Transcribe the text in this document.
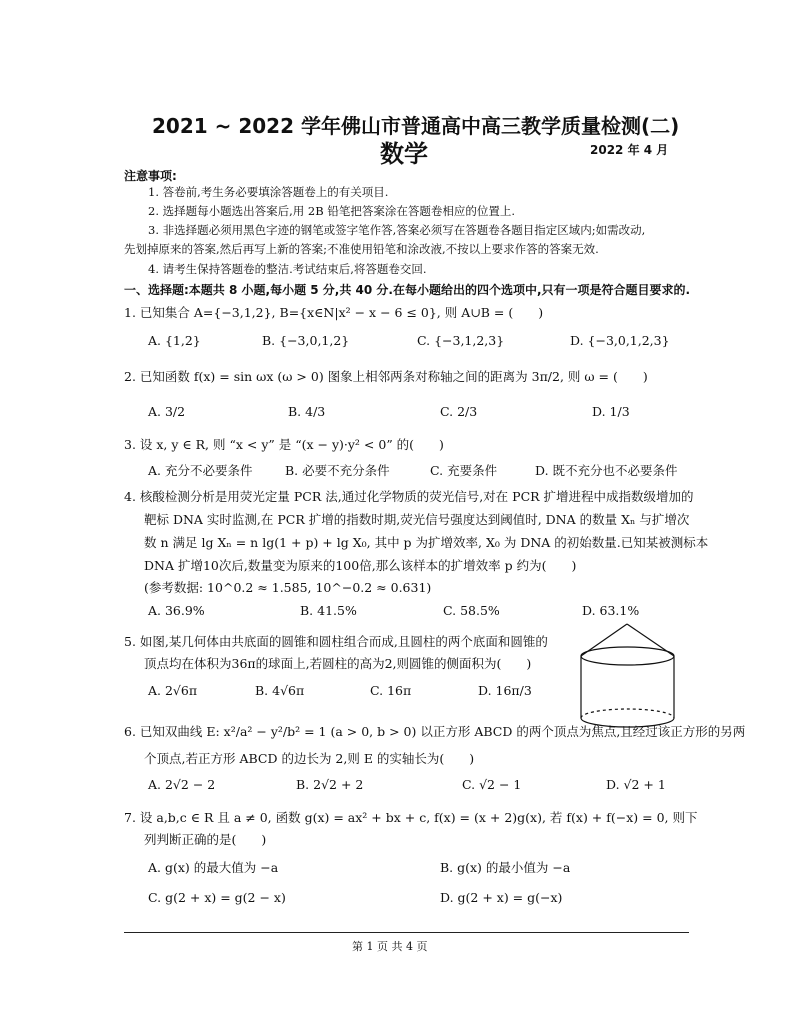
2021 ~ 2022 学年佛山市普通高中高三教学质量检测(二)
数学	2022 年 4 月
注意事项:
1. 答卷前,考生务必要填涂答题卷上的有关项目.
2. 选择题每小题选出答案后,用 2B 铅笔把答案涂在答题卷相应的位置上.
3. 非选择题必须用黑色字迹的钢笔或签字笔作答,答案必须写在答题卷各题目指定区域内;如需改动,
先划掉原来的答案,然后再写上新的答案;不准使用铅笔和涂改液,不按以上要求作答的答案无效.
4. 请考生保持答题卷的整洁.考试结束后,将答题卷交回.
一、选择题:本题共 8 小题,每小题 5 分,共 40 分.在每小题给出的四个选项中,只有一项是符合题目要求的.
1. 已知集合 A={−3,1,2}, B={x∈N|x² − x − 6 ≤ 0}, 则 A∪B = (　　)
A. {1,2}	B. {−3,0,1,2}	C. {−3,1,2,3}	D. {−3,0,1,2,3}
2. 已知函数 f(x) = sin ωx (ω > 0) 图象上相邻两条对称轴之间的距离为 3π/2, 则 ω = (　　)
A. 3/2	B. 4/3	C. 2/3	D. 1/3
3. 设 x, y ∈ R, 则 “x < y” 是 “(x − y)·y² < 0” 的(　　)
A. 充分不必要条件	B. 必要不充分条件	C. 充要条件	D. 既不充分也不必要条件
4. 核酸检测分析是用荧光定量 PCR 法,通过化学物质的荧光信号,对在 PCR 扩增进程中成指数级增加的
靶标 DNA 实时监测,在 PCR 扩增的指数时期,荧光信号强度达到阈值时, DNA 的数量 Xₙ 与扩增次
数 n 满足 lg Xₙ = n lg(1 + p) + lg X₀, 其中 p 为扩增效率, X₀ 为 DNA 的初始数量.已知某被测标本
DNA 扩增10次后,数量变为原来的100倍,那么该样本的扩增效率 p 约为(　　)
(参考数据: 10^0.2 ≈ 1.585, 10^−0.2 ≈ 0.631)
A. 36.9%	B. 41.5%	C. 58.5%	D. 63.1%
5. 如图,某几何体由共底面的圆锥和圆柱组合而成,且圆柱的两个底面和圆锥的
顶点均在体积为36π的球面上,若圆柱的高为2,则圆锥的侧面积为(　　)
A. 2√6π	B. 4√6π	C. 16π	D. 16π/3
6. 已知双曲线 E: x²/a² − y²/b² = 1 (a > 0, b > 0) 以正方形 ABCD 的两个顶点为焦点,且经过该正方形的另两
个顶点,若正方形 ABCD 的边长为 2,则 E 的实轴长为(　　)
A. 2√2 − 2	B. 2√2 + 2	C. √2 − 1	D. √2 + 1
7. 设 a,b,c ∈ R 且 a ≠ 0, 函数 g(x) = ax² + bx + c, f(x) = (x + 2)g(x), 若 f(x) + f(−x) = 0, 则下
列判断正确的是(　　)
A. g(x) 的最大值为 −a	B. g(x) 的最小值为 −a
C. g(2 + x) = g(2 − x)	D. g(2 + x) = g(−x)
第 1 页 共 4 页
